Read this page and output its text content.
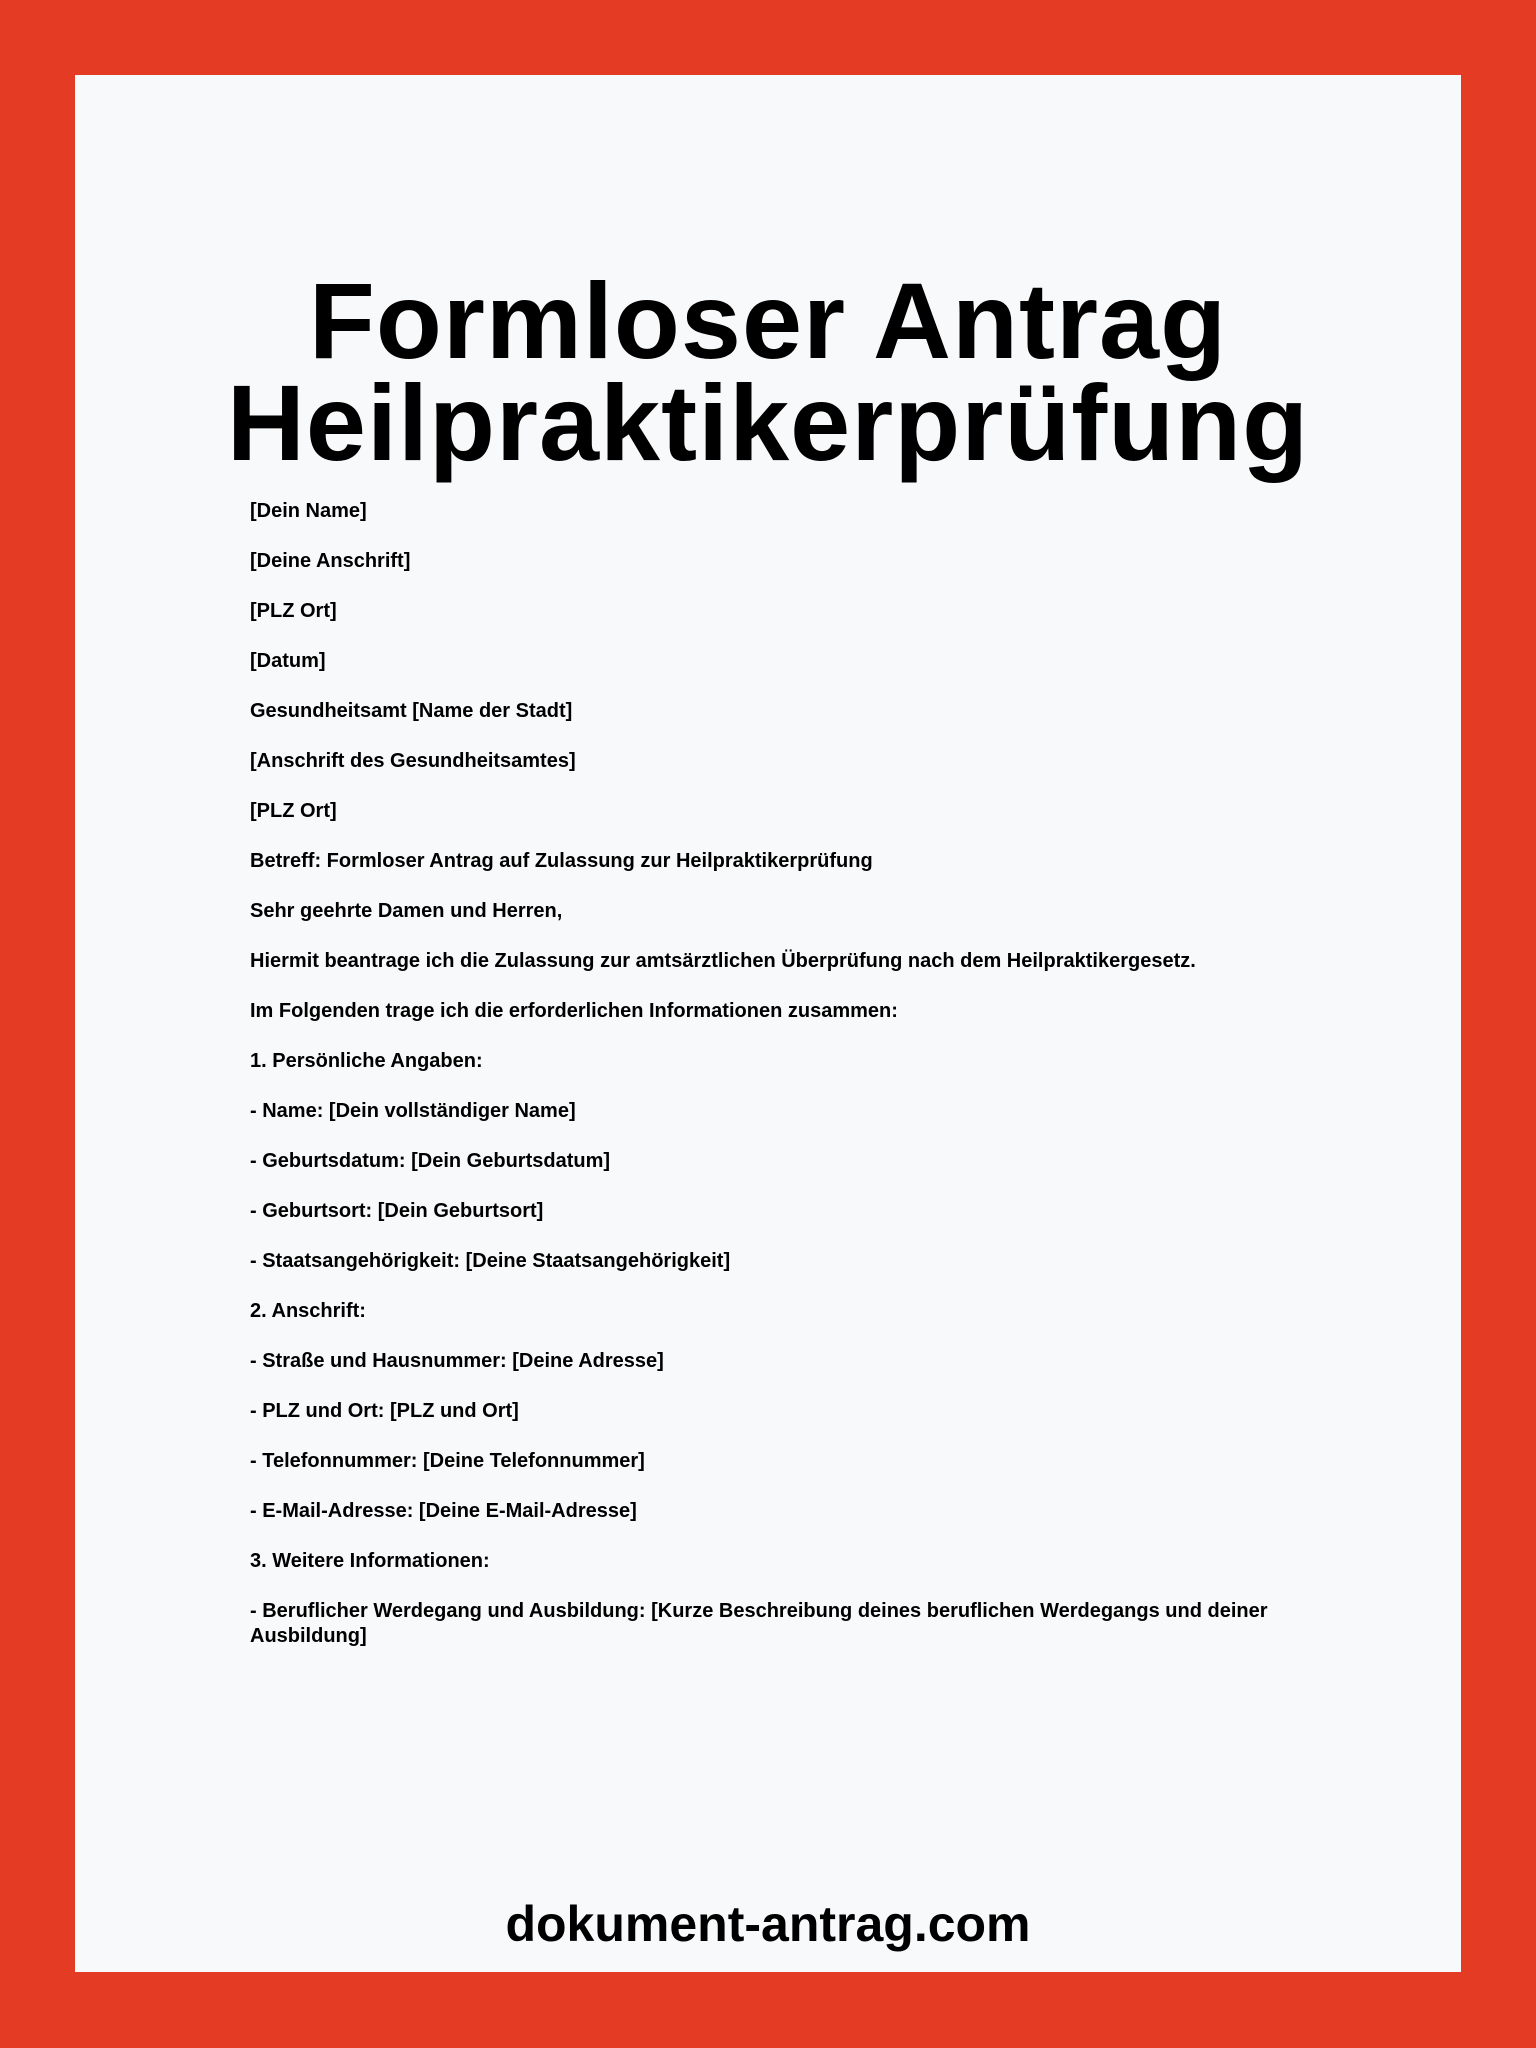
Formloser Antrag
Heilpraktikerprüfung

[Dein Name]

[Deine Anschrift]

[PLZ Ort]

[Datum]

Gesundheitsamt [Name der Stadt]

[Anschrift des Gesundheitsamtes]

[PLZ Ort]

Betreff: Formloser Antrag auf Zulassung zur Heilpraktikerprüfung

Sehr geehrte Damen und Herren,

Hiermit beantrage ich die Zulassung zur amtsärztlichen Überprüfung nach dem Heilpraktikergesetz.

Im Folgenden trage ich die erforderlichen Informationen zusammen:

1. Persönliche Angaben:

- Name: [Dein vollständiger Name]

- Geburtsdatum: [Dein Geburtsdatum]

- Geburtsort: [Dein Geburtsort]

- Staatsangehörigkeit: [Deine Staatsangehörigkeit]

2. Anschrift:

- Straße und Hausnummer: [Deine Adresse]

- PLZ und Ort: [PLZ und Ort]

- Telefonnummer: [Deine Telefonnummer]

- E-Mail-Adresse: [Deine E-Mail-Adresse]

3. Weitere Informationen:

- Beruflicher Werdegang und Ausbildung: [Kurze Beschreibung deines beruflichen Werdegangs und deiner Ausbildung]

dokument-antrag.com
